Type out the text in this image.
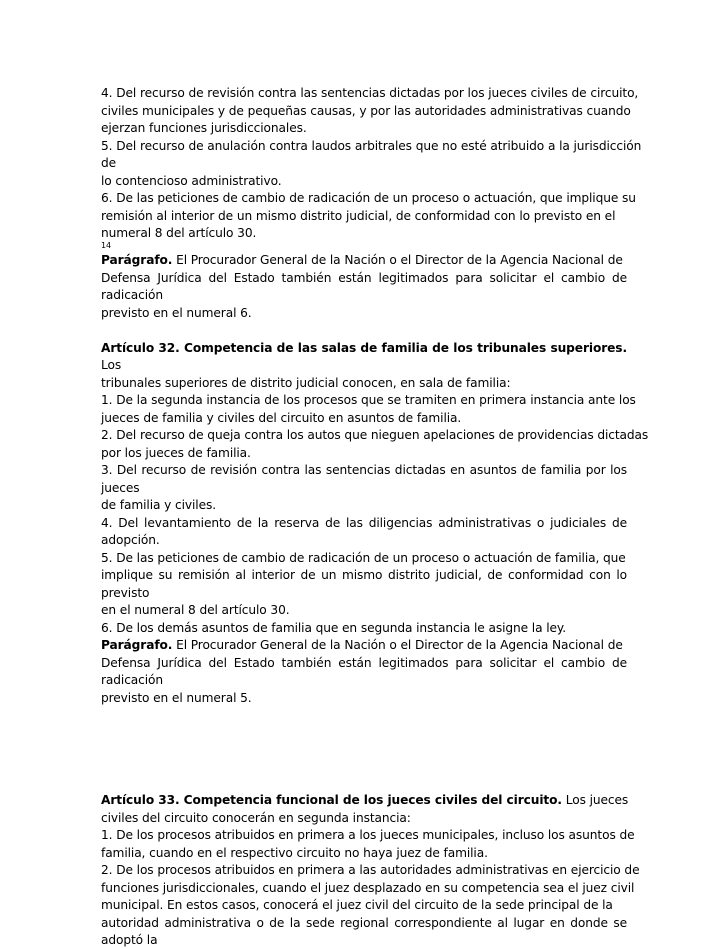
4. Del recurso de revisión contra las sentencias dictadas por los jueces civiles de circuito,
civiles municipales y de pequeñas causas, y por las autoridades administrativas cuando
ejerzan funciones jurisdiccionales.
5. Del recurso de anulación contra laudos arbitrales que no esté atribuido a la jurisdicción
de
lo contencioso administrativo.
6. De las peticiones de cambio de radicación de un proceso o actuación, que implique su
remisión al interior de un mismo distrito judicial, de conformidad con lo previsto en el
numeral 8 del artículo 30.
14
Parágrafo. El Procurador General de la Nación o el Director de la Agencia Nacional de
Defensa Jurídica del Estado también están legitimados para solicitar el cambio de
radicación
previsto en el numeral 6.
Artículo 32. Competencia de las salas de familia de los tribunales superiores.
Los
tribunales superiores de distrito judicial conocen, en sala de familia:
1. De la segunda instancia de los procesos que se tramiten en primera instancia ante los
jueces de familia y civiles del circuito en asuntos de familia.
2. Del recurso de queja contra los autos que nieguen apelaciones de providencias dictadas
por los jueces de familia.
3. Del recurso de revisión contra las sentencias dictadas en asuntos de familia por los
jueces
de familia y civiles.
4. Del levantamiento de la reserva de las diligencias administrativas o judiciales de
adopción.
5. De las peticiones de cambio de radicación de un proceso o actuación de familia, que
implique su remisión al interior de un mismo distrito judicial, de conformidad con lo
previsto
en el numeral 8 del artículo 30.
6. De los demás asuntos de familia que en segunda instancia le asigne la ley.
Parágrafo. El Procurador General de la Nación o el Director de la Agencia Nacional de
Defensa Jurídica del Estado también están legitimados para solicitar el cambio de
radicación
previsto en el numeral 5.
Artículo 33. Competencia funcional de los jueces civiles del circuito. Los jueces
civiles del circuito conocerán en segunda instancia:
1. De los procesos atribuidos en primera a los jueces municipales, incluso los asuntos de
familia, cuando en el respectivo circuito no haya juez de familia.
2. De los procesos atribuidos en primera a las autoridades administrativas en ejercicio de
funciones jurisdiccionales, cuando el juez desplazado en su competencia sea el juez civil
municipal. En estos casos, conocerá el juez civil del circuito de la sede principal de la
autoridad administrativa o de la sede regional correspondiente al lugar en donde se
adoptó la
